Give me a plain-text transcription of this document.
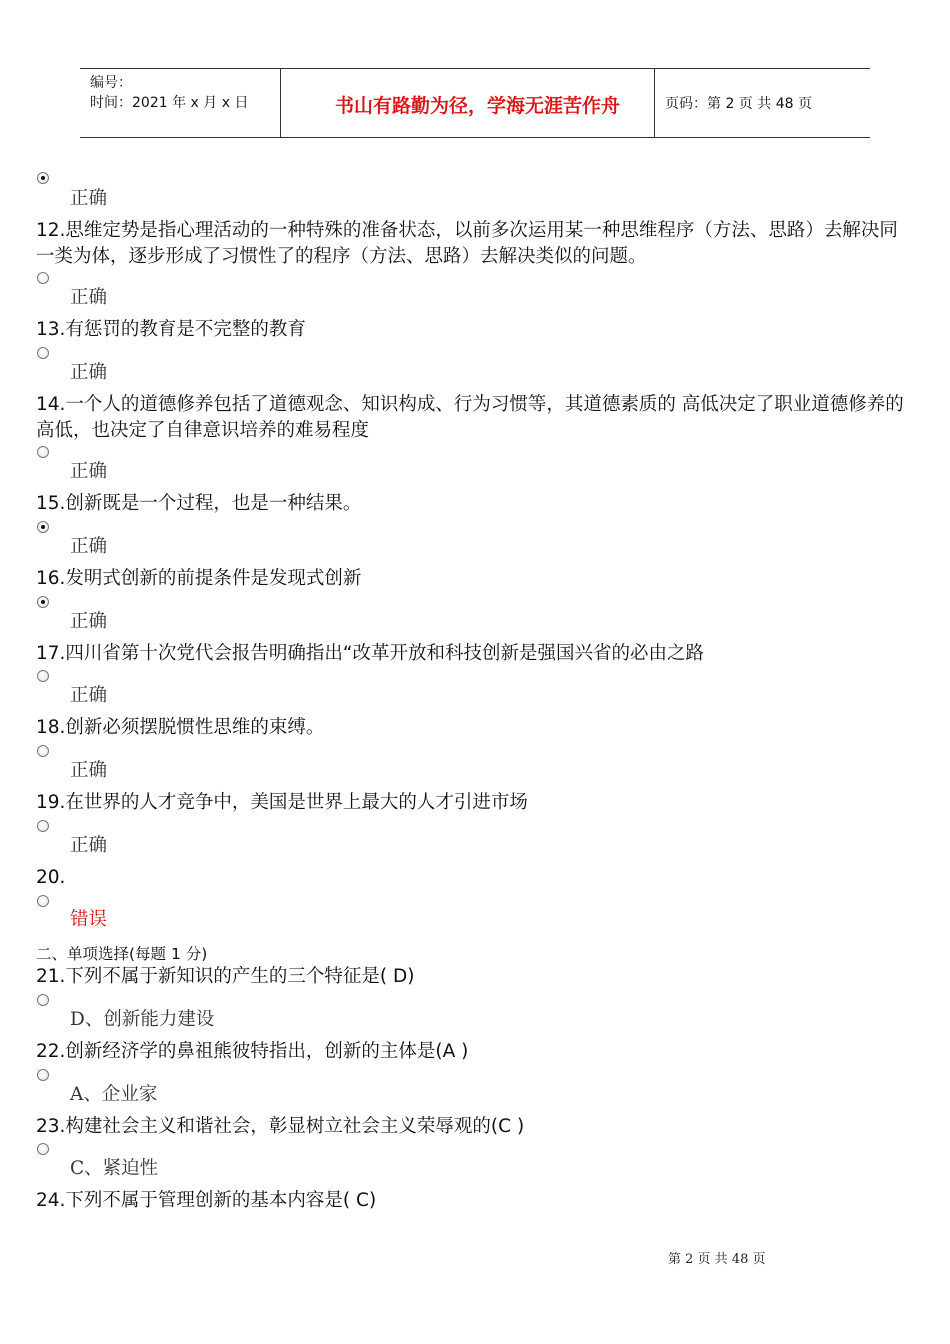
编号：
时间：2021 年 x 月 x 日	书山有路勤为径，学海无涯苦作舟	页码：第 2 页 共 48 页
正确
12.思维定势是指心理活动的一种特殊的准备状态，以前多次运用某一种思维程序（方法、思路）去解决同一类为体，逐步形成了习惯性了的程序（方法、思路）去解决类似的问题。
正确
13.有惩罚的教育是不完整的教育
正确
14.一个人的道德修养包括了道德观念、知识构成、行为习惯等，其道德素质的 高低决定了职业道德修养的 高低，也决定了自律意识培养的难易程度
正确
15.创新既是一个过程，也是一种结果。
正确
16.发明式创新的前提条件是发现式创新
正确
17.四川省第十次党代会报告明确指出“改革开放和科技创新是强国兴省的必由之路
正确
18.创新必须摆脱惯性思维的束缚。
正确
19.在世界的人才竞争中，美国是世界上最大的人才引进市场
正确
20.
错误
二、单项选择(每题 1 分)
21.下列不属于新知识的产生的三个特征是( D)
D、创新能力建设
22.创新经济学的鼻祖熊彼特指出，创新的主体是(A )
A、企业家
23.构建社会主义和谐社会，彰显树立社会主义荣辱观的(C )
C、紧迫性
24.下列不属于管理创新的基本内容是( C)
第 2 页 共 48 页
